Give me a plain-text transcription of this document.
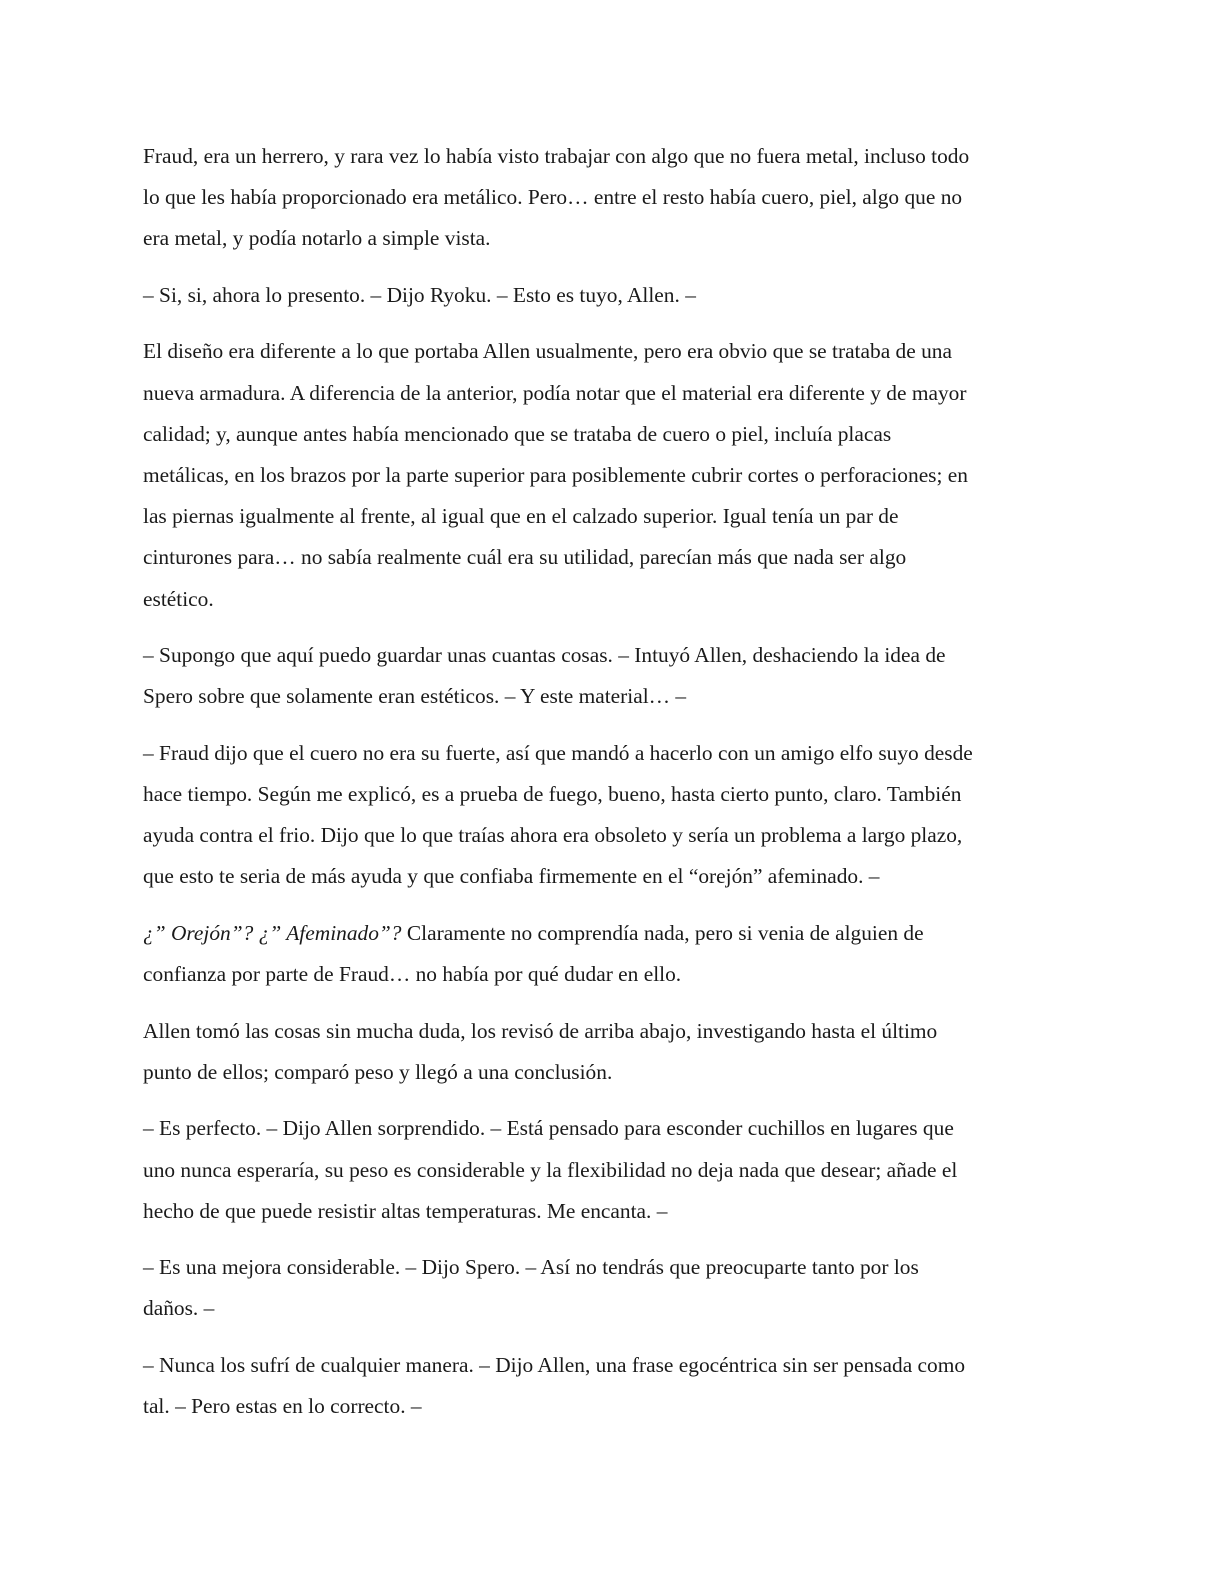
Fraud, era un herrero, y rara vez lo había visto trabajar con algo que no fuera metal, incluso todo
lo que les había proporcionado era metálico. Pero… entre el resto había cuero, piel, algo que no
era metal, y podía notarlo a simple vista.

– Si, si, ahora lo presento. – Dijo Ryoku. – Esto es tuyo, Allen. –

El diseño era diferente a lo que portaba Allen usualmente, pero era obvio que se trataba de una
nueva armadura. A diferencia de la anterior, podía notar que el material era diferente y de mayor
calidad; y, aunque antes había mencionado que se trataba de cuero o piel, incluía placas
metálicas, en los brazos por la parte superior para posiblemente cubrir cortes o perforaciones; en
las piernas igualmente al frente, al igual que en el calzado superior. Igual tenía un par de
cinturones para… no sabía realmente cuál era su utilidad, parecían más que nada ser algo
estético.

– Supongo que aquí puedo guardar unas cuantas cosas. – Intuyó Allen, deshaciendo la idea de
Spero sobre que solamente eran estéticos. – Y este material… –

– Fraud dijo que el cuero no era su fuerte, así que mandó a hacerlo con un amigo elfo suyo desde
hace tiempo. Según me explicó, es a prueba de fuego, bueno, hasta cierto punto, claro. También
ayuda contra el frio. Dijo que lo que traías ahora era obsoleto y sería un problema a largo plazo,
que esto te seria de más ayuda y que confiaba firmemente en el “orejón” afeminado. –

¿” Orejón”? ¿” Afeminado”? Claramente no comprendía nada, pero si venia de alguien de
confianza por parte de Fraud… no había por qué dudar en ello.

Allen tomó las cosas sin mucha duda, los revisó de arriba abajo, investigando hasta el último
punto de ellos; comparó peso y llegó a una conclusión.

– Es perfecto. – Dijo Allen sorprendido. – Está pensado para esconder cuchillos en lugares que
uno nunca esperaría, su peso es considerable y la flexibilidad no deja nada que desear; añade el
hecho de que puede resistir altas temperaturas. Me encanta. –

– Es una mejora considerable. – Dijo Spero. – Así no tendrás que preocuparte tanto por los
daños. –

– Nunca los sufrí de cualquier manera. – Dijo Allen, una frase egocéntrica sin ser pensada como
tal. – Pero estas en lo correcto. –
